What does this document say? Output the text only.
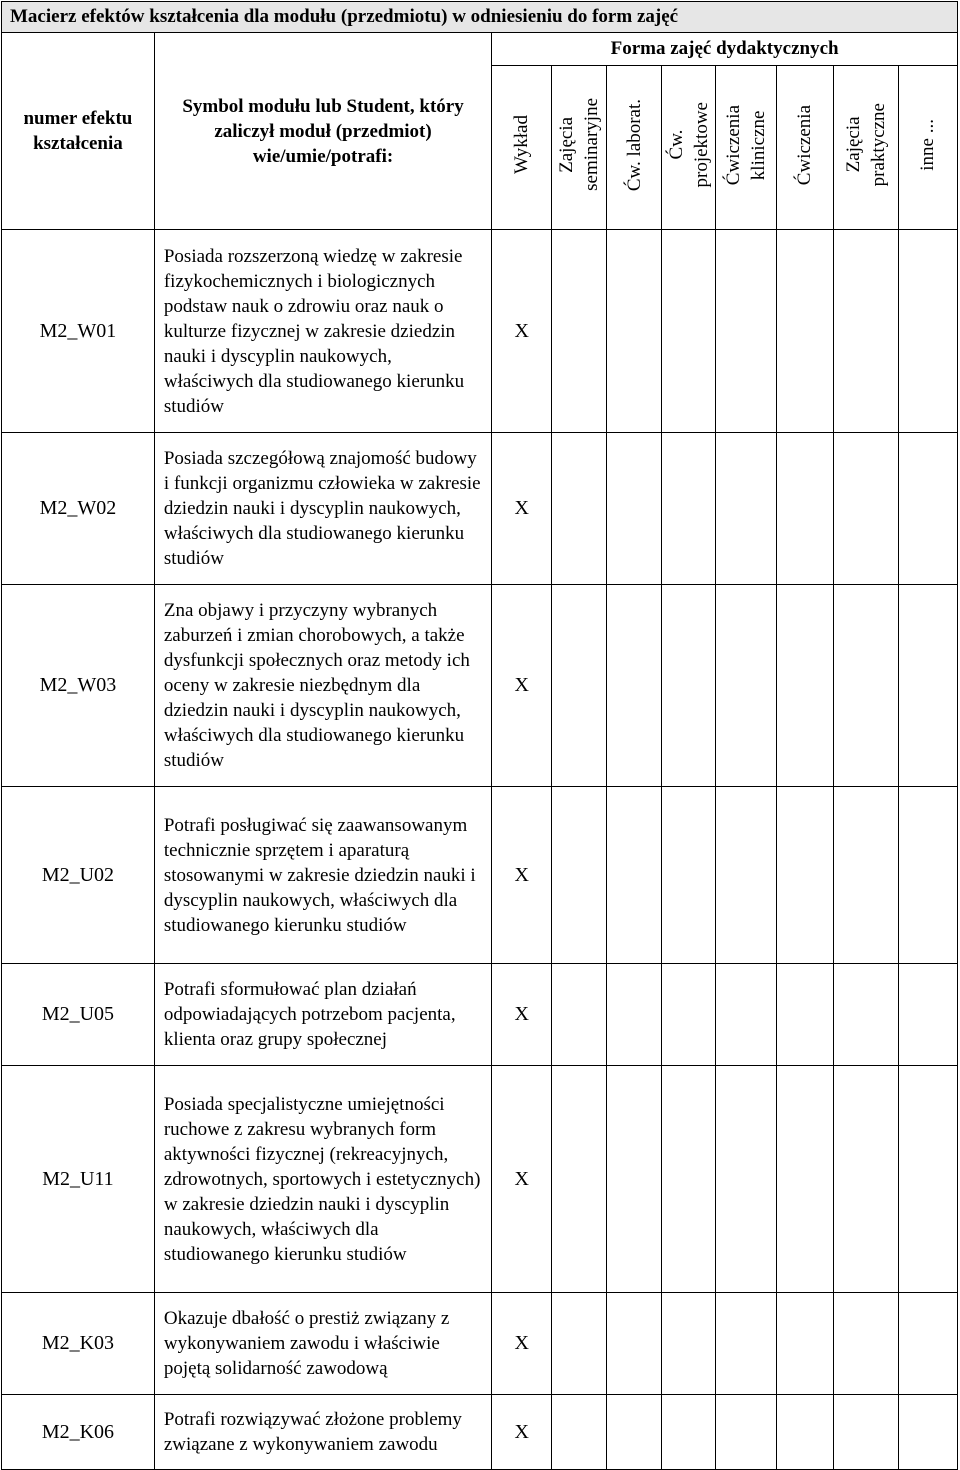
Macierz efektów kształcenia dla modułu (przedmiotu) w odniesieniu do form zajęć									
numer efektu kształcenia	Symbol modułu lub Student, który zaliczył moduł (przedmiot) wie/umie/potrafi:	Forma zajęć dydaktycznych							
		Wykład	Zajęcia seminaryjne	Ćw. laborat.	Ćw. projektowe	Ćwiczenia kliniczne	Ćwiczenia	Zajęcia praktyczne	inne ...
M2_W01	Posiada rozszerzoną wiedzę w zakresie fizykochemicznych i biologicznych podstaw nauk o zdrowiu oraz nauk o kulturze fizycznej w zakresie dziedzin nauki i dyscyplin naukowych, właściwych dla studiowanego kierunku studiów	X							
M2_W02	Posiada szczegółową znajomość budowy i funkcji organizmu człowieka w zakresie dziedzin nauki i dyscyplin naukowych, właściwych dla studiowanego kierunku studiów	X							
M2_W03	Zna objawy i przyczyny wybranych zaburzeń i zmian chorobowych, a także dysfunkcji społecznych oraz metody ich oceny w zakresie niezbędnym dla dziedzin nauki i dyscyplin naukowych, właściwych dla studiowanego kierunku studiów	X							
M2_U02	Potrafi posługiwać się zaawansowanym technicznie sprzętem i aparaturą stosowanymi w zakresie dziedzin nauki i dyscyplin naukowych, właściwych dla studiowanego kierunku studiów	X							
M2_U05	Potrafi sformułować plan działań odpowiadających potrzebom pacjenta, klienta oraz grupy społecznej	X							
M2_U11	Posiada specjalistyczne umiejętności ruchowe z zakresu wybranych form aktywności fizycznej (rekreacyjnych, zdrowotnych, sportowych i estetycznych) w zakresie dziedzin nauki i dyscyplin naukowych, właściwych dla studiowanego kierunku studiów	X							
M2_K03	Okazuje dbałość o prestiż związany z wykonywaniem zawodu i właściwie pojętą solidarność zawodową	X							
M2_K06	Potrafi rozwiązywać złożone problemy związane z wykonywaniem zawodu	X							
